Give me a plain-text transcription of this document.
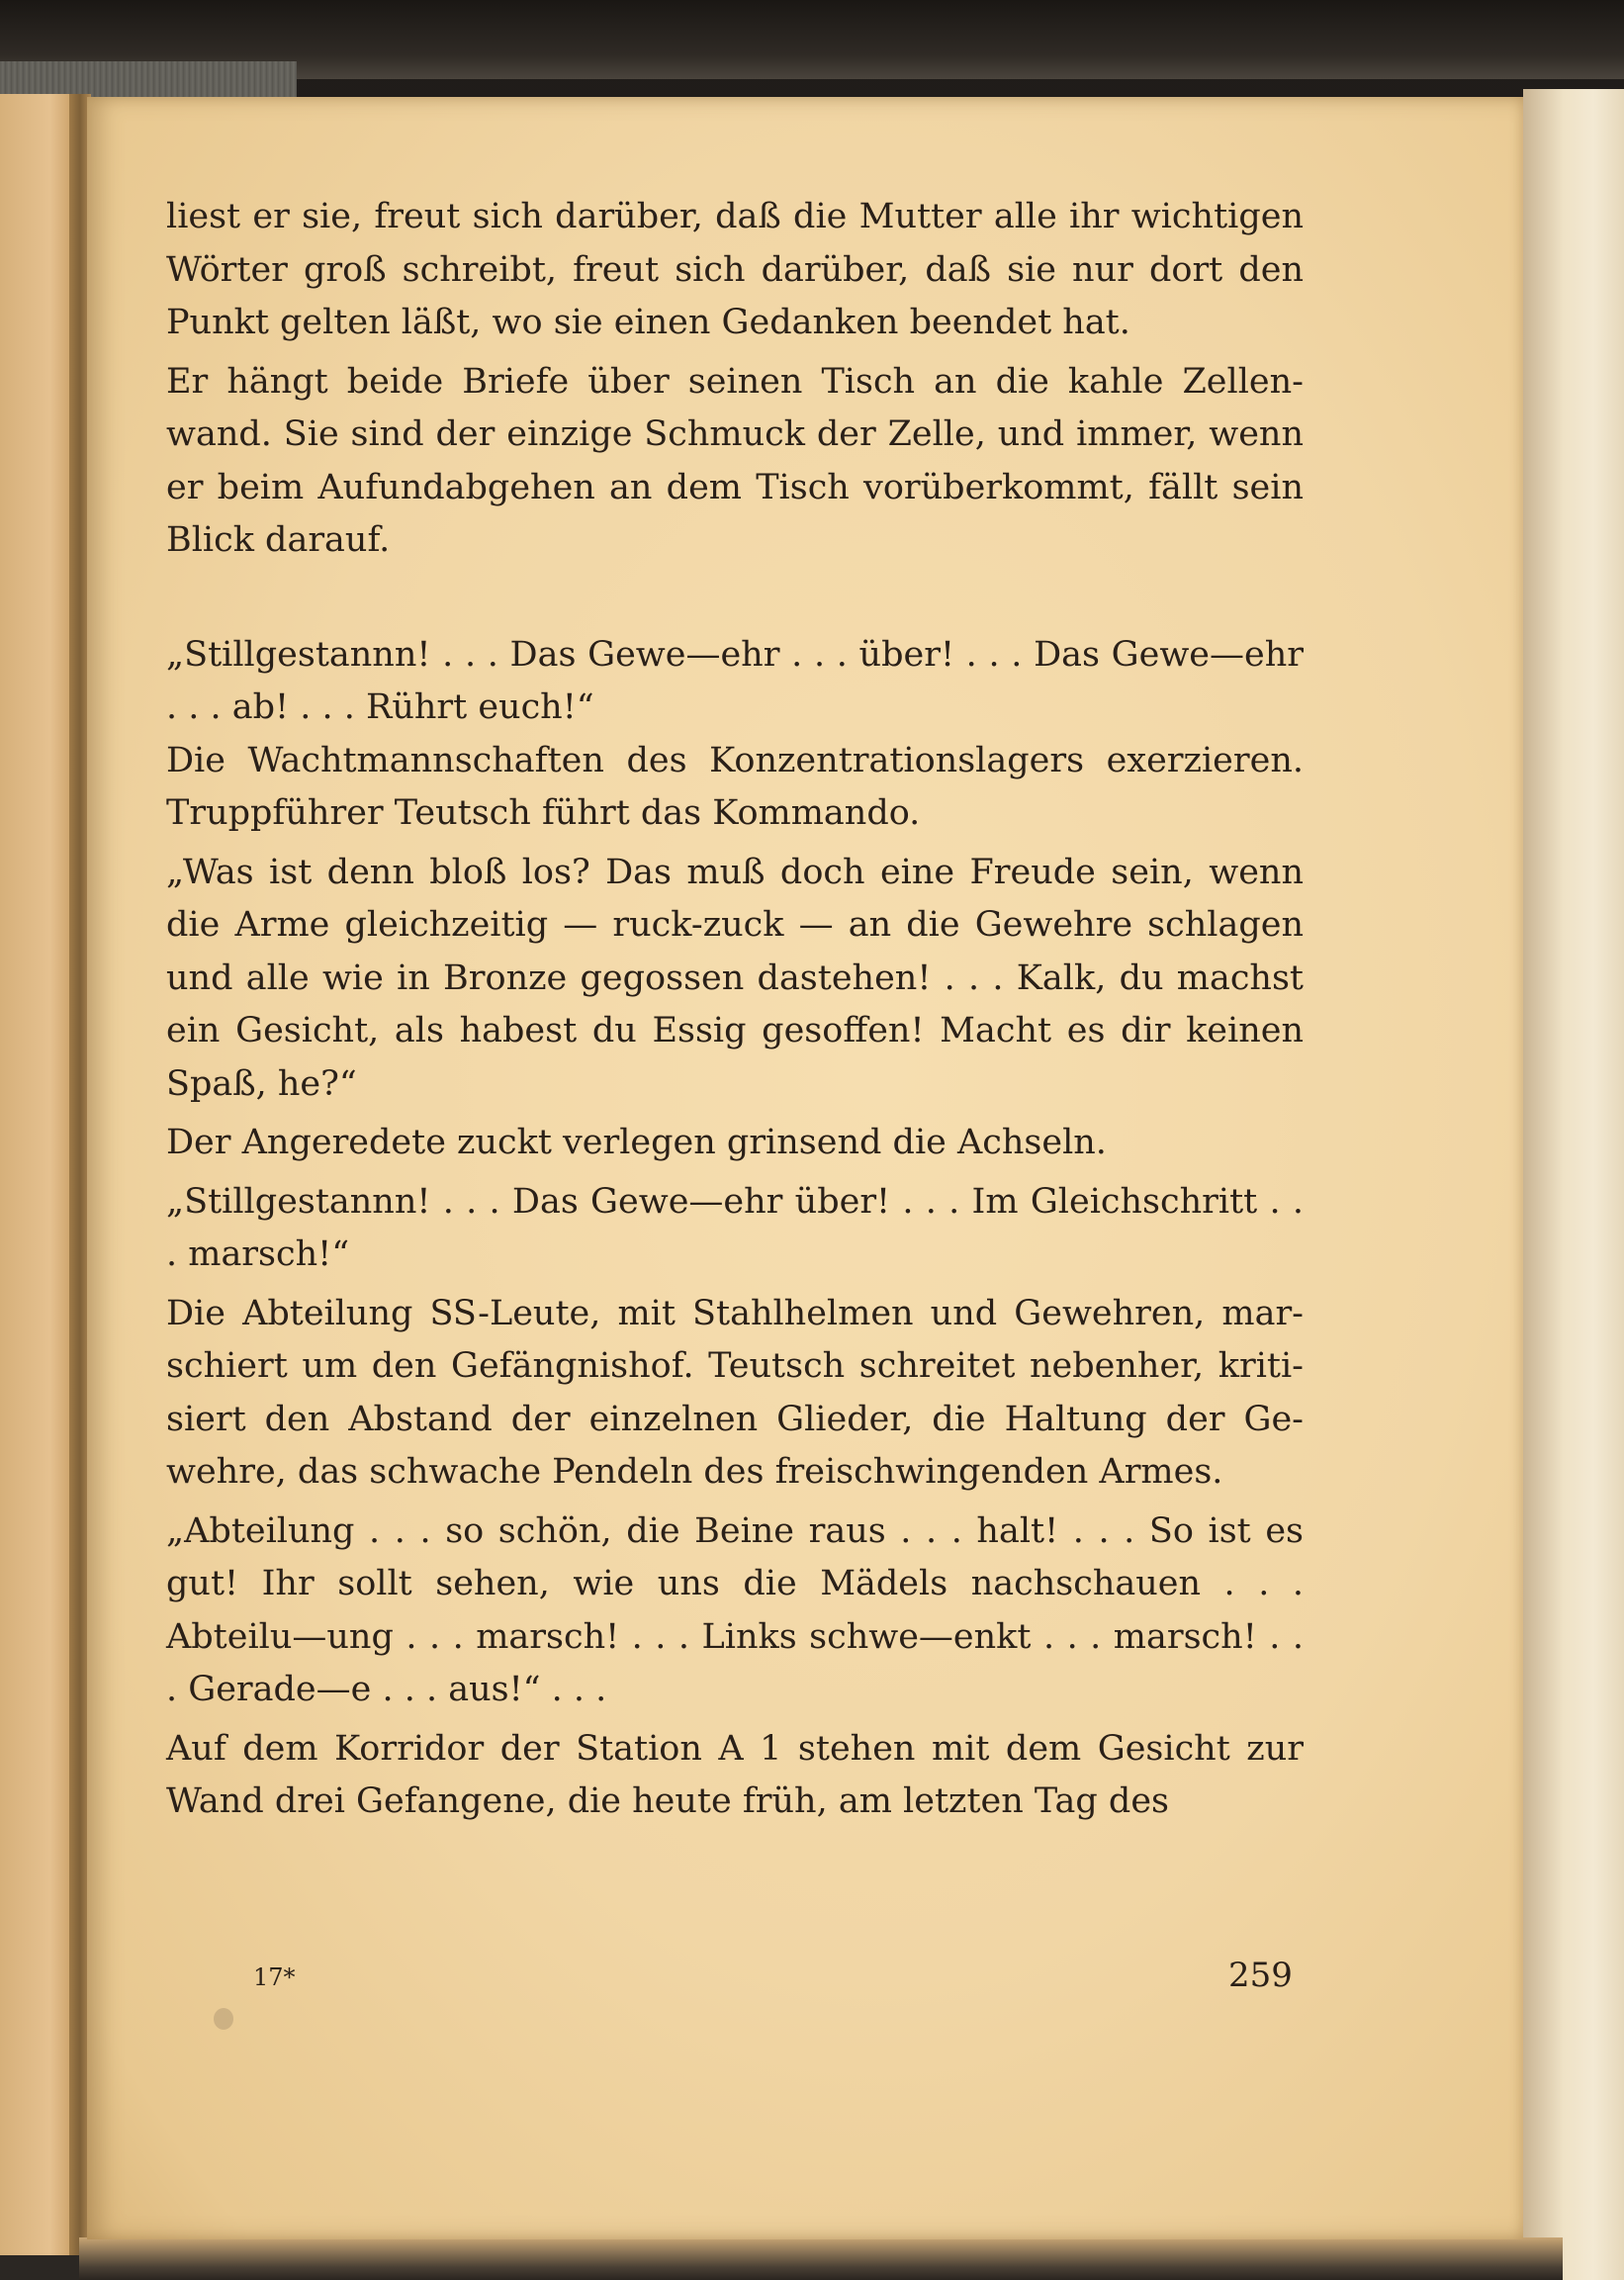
liest er sie, freut sich darüber, daß die Mutter alle ihr wichtigen Wörter groß schreibt, freut sich darüber, daß sie nur dort den Punkt gelten läßt, wo sie einen Gedanken beendet hat.

Er hängt beide Briefe über seinen Tisch an die kahle Zellenwand. Sie sind der einzige Schmuck der Zelle, und immer, wenn er beim Aufundabgehen an dem Tisch vorüberkommt, fällt sein Blick darauf.

„Stillgestannn! . . . Das Gewe—ehr . . . über! . . . Das Gewe—ehr . . . ab! . . . Rührt euch!“

Die Wachtmannschaften des Konzentrationslagers exerzieren. Truppführer Teutsch führt das Kommando.

„Was ist denn bloß los? Das muß doch eine Freude sein, wenn die Arme gleichzeitig — ruck-zuck — an die Gewehre schlagen und alle wie in Bronze gegossen dastehen! . . . Kalk, du machst ein Gesicht, als habest du Essig gesoffen! Macht es dir keinen Spaß, he?“

Der Angeredete zuckt verlegen grinsend die Achseln.

„Stillgestannn! . . . Das Gewe—ehr über! . . . Im Gleichschritt . . . marsch!“

Die Abteilung SS-Leute, mit Stahlhelmen und Gewehren, marschiert um den Gefängnishof. Teutsch schreitet nebenher, kritisiert den Abstand der einzelnen Glieder, die Haltung der Gewehre, das schwache Pendeln des freischwingenden Armes.

„Abteilung . . . so schön, die Beine raus . . . halt! . . . So ist es gut! Ihr sollt sehen, wie uns die Mädels nachschauen . . . Abteilu—ung . . . marsch! . . . Links schwe—enkt . . . marsch! . . . Gerade—e . . . aus!“ . . .

Auf dem Korridor der Station A 1 stehen mit dem Gesicht zur Wand drei Gefangene, die heute früh, am letzten Tag des

17*	259
